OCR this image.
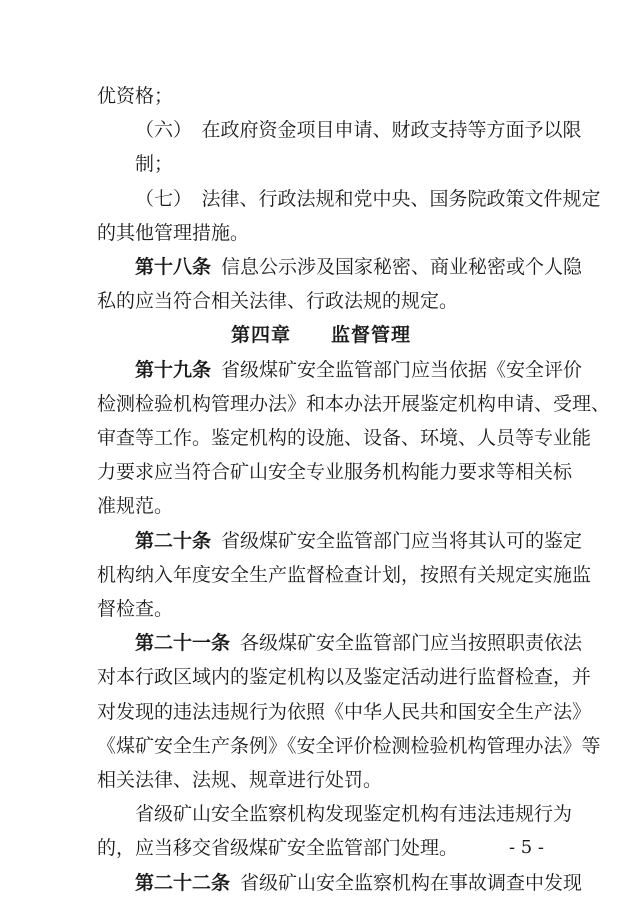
优资格；
（六）　在政府资金项目申请、财政支持等方面予以限
制；
（七）　法律、行政法规和党中央、国务院政策文件规定
的其他管理措施。
第十八条 信息公示涉及国家秘密、商业秘密或个人隐
私的应当符合相关法律、行政法规的规定。
第四章　　监督管理
第十九条 省级煤矿安全监管部门应当依据《安全评价
检测检验机构管理办法》和本办法开展鉴定机构申请、受理、
审查等工作。鉴定机构的设施、设备、环境、人员等专业能
力要求应当符合矿山安全专业服务机构能力要求等相关标
准规范。
第二十条 省级煤矿安全监管部门应当将其认可的鉴定
机构纳入年度安全生产监督检查计划，按照有关规定实施监
督检查。
第二十一条 各级煤矿安全监管部门应当按照职责依法
对本行政区域内的鉴定机构以及鉴定活动进行监督检查，并
对发现的违法违规行为依照《中华人民共和国安全生产法》
《煤矿安全生产条例》《安全评价检测检验机构管理办法》等
相关法律、法规、规章进行处罚。
省级矿山安全监察机构发现鉴定机构有违法违规行为
的，应当移交省级煤矿安全监管部门处理。
第二十二条 省级矿山安全监察机构在事故调查中发现
- 5 -
